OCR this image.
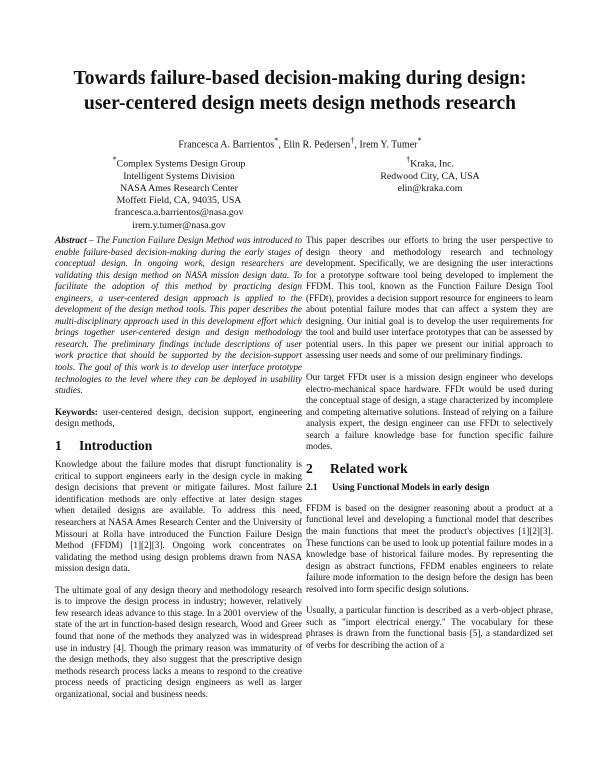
Towards failure-based decision-making during design:
user-centered design meets design methods research

Francesca A. Barrientos*, Elin R. Pedersen†, Irem Y. Tumer*

*Complex Systems Design Group
Intelligent Systems Division
NASA Ames Research Center
Moffett Field, CA, 94035, USA
francesca.a.barrientos@nasa.gov
irem.y.tumer@nasa.gov

†Kraka, Inc.
Redwood City, CA, USA
elin@kraka.com

Abstract – The Function Failure Design Method was introduced to enable failure-based decision-making during the early stages of conceptual design. In ongoing work, design researchers are validating this design method on NASA mission design data. To facilitate the adoption of this method by practicing design engineers, a user-centered design approach is applied to the development of the design method tools. This paper describes the multi-disciplinary approach used in this development effort which brings together user-centered design and design methodology research. The preliminary findings include descriptions of user work practice that should be supported by the decision-support tools. The goal of this work is to develop user interface prototype technologies to the level where they can be deployed in usability studies.

Keywords: user-centered design, decision support, engineering design methods,

1 Introduction

Knowledge about the failure modes that disrupt functionality is critical to support engineers early in the design cycle in making design decisions that prevent or mitigate failures. Most failure identification methods are only effective at later design stages when detailed designs are available. To address this need, researchers at NASA Ames Research Center and the University of Missouri at Rolla have introduced the Function Failure Design Method (FFDM) [1][2][3]. Ongoing work concentrates on validating the method using design problems drawn from NASA mission design data.

The ultimate goal of any design theory and methodology research is to improve the design process in industry; however, relatively few research ideas advance to this stage. In a 2001 overview of the state of the art in function-based design research, Wood and Greer found that none of the methods they analyzed was in widespread use in industry [4]. Though the primary reason was immaturity of the design methods, they also suggest that the prescriptive design methods research process lacks a means to respond to the creative process needs of practicing design engineers as well as larger organizational, social and business needs.

This paper describes our efforts to bring the user perspective to design theory and methodology research and technology development. Specifically, we are designing the user interactions for a prototype software tool being developed to implement the FFDM. This tool, known as the Function Failure Design Tool (FFDt), provides a decision support resource for engineers to learn about potential failure modes that can affect a system they are designing. Our initial goal is to develop the user requirements for the tool and build user interface prototypes that can be assessed by potential users. In this paper we present our initial approach to assessing user needs and some of our preliminary findings.

Our target FFDt user is a mission design engineer who develops electro-mechanical space hardware. FFDt would be used during the conceptual stage of design, a stage characterized by incomplete and competing alternative solutions. Instead of relying on a failure analysis expert, the design engineer can use FFDt to selectively search a failure knowledge base for function specific failure modes.

2 Related work
2.1 Using Functional Models in early design

FFDM is based on the designer reasoning about a product at a functional level and developing a functional model that describes the main functions that meet the product's objectives [1][2][3]. These functions can be used to look up potential failure modes in a knowledge base of historical failure modes. By representing the design as abstract functions, FFDM enables engineers to relate failure mode information to the design before the design has been resolved into form specific design solutions.

Usually, a particular function is described as a verb-object phrase, such as "import electrical energy." The vocabulary for these phrases is drawn from the functional basis [5], a standardized set of verbs for describing the action of a
